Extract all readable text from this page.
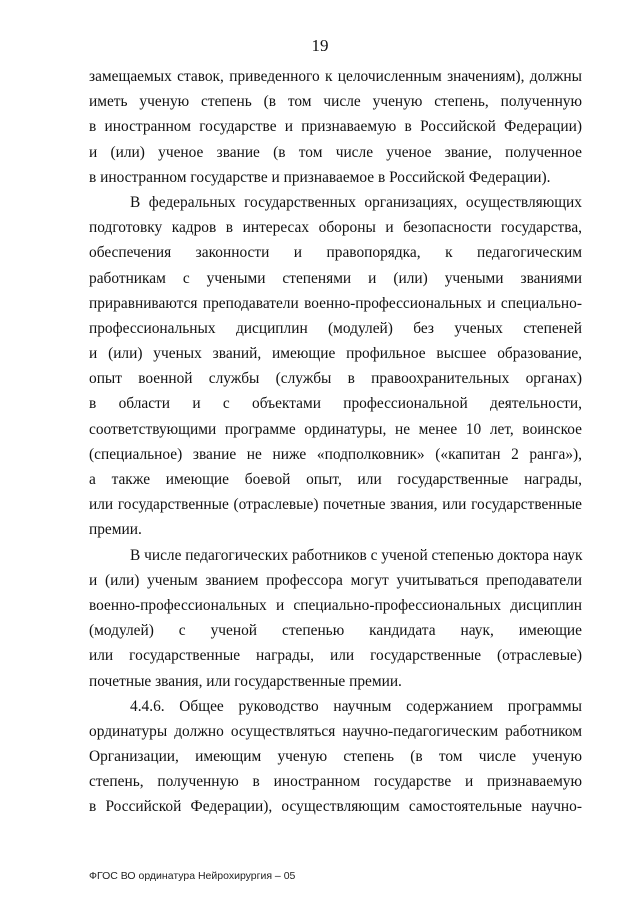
19
замещаемых ставок, приведенного к целочисленным значениям), должны
иметь ученую степень (в том числе ученую степень, полученную
в иностранном государстве и признаваемую в Российской Федерации)
и (или) ученое звание (в том числе ученое звание, полученное
в иностранном государстве и признаваемое в Российской Федерации).
В федеральных государственных организациях, осуществляющих
подготовку кадров в интересах обороны и безопасности государства,
обеспечения законности и правопорядка, к педагогическим
работникам с учеными степенями и (или) учеными званиями
приравниваются преподаватели военно-профессиональных и специально-
профессиональных дисциплин (модулей) без ученых степеней
и (или) ученых званий, имеющие профильное высшее образование,
опыт военной службы (службы в правоохранительных органах)
в области и с объектами профессиональной деятельности,
соответствующими программе ординатуры, не менее 10 лет, воинское
(специальное) звание не ниже «подполковник» («капитан 2 ранга»),
а также имеющие боевой опыт, или государственные награды,
или государственные (отраслевые) почетные звания, или государственные
премии.
В числе педагогических работников с ученой степенью доктора наук
и (или) ученым званием профессора могут учитываться преподаватели
военно-профессиональных и специально-профессиональных дисциплин
(модулей) с ученой степенью кандидата наук, имеющие
или государственные награды, или государственные (отраслевые)
почетные звания, или государственные премии.
4.4.6. Общее руководство научным содержанием программы
ординатуры должно осуществляться научно-педагогическим работником
Организации, имеющим ученую степень (в том числе ученую
степень, полученную в иностранном государстве и признаваемую
в Российской Федерации), осуществляющим самостоятельные научно-
ФГОС ВО ординатура Нейрохирургия – 05
